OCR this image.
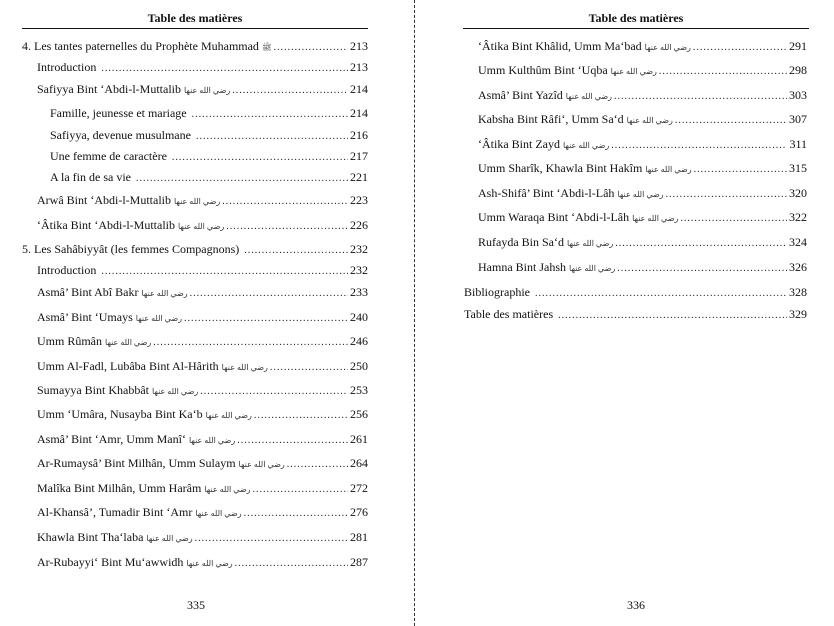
Table des matières
4. Les tantes paternelles du Prophète Muhammad ﷺ .....	213
Introduction .....	213
Safiyya Bint ‘Abdi-l-Muttalib رضي الله عنها .....	214
Famille, jeunesse et mariage .....	214
Safiyya, devenue musulmane .....	216
Une femme de caractère .....	217
A la fin de sa vie .....	221
Arwâ Bint ‘Abdi-l-Muttalib رضي الله عنها .....	223
‘Âtika Bint ‘Abdi-l-Muttalib رضي الله عنها .....	226
5. Les Sahâbiyyât (les femmes Compagnons) .....	232
Introduction .....	232
Asmâ’ Bint Abî Bakr رضي الله عنها .....	233
Asmâ’ Bint ‘Umays رضي الله عنها .....	240
Umm Rûmân رضي الله عنها .....	246
Umm Al-Fadl, Lubâba Bint Al-Hârith رضي الله عنها .....	250
Sumayya Bint Khabbât رضي الله عنها .....	253
Umm ‘Umâra, Nusayba Bint Ka‘b رضي الله عنها .....	256
Asmâ’ Bint ‘Amr, Umm Manî‘ رضي الله عنها .....	261
Ar-Rumaysâ’ Bint Milhân, Umm Sulaym رضي الله عنها .....	264
Malîka Bint Milhân, Umm Harâm رضي الله عنها .....	272
Al-Khansâ’, Tumadir Bint ‘Amr رضي الله عنها .....	276
Khawla Bint Tha‘laba رضي الله عنها .....	281
Ar-Rubayyi‘ Bint Mu‘awwidh رضي الله عنها .....	287
335
Table des matières
‘Âtika Bint Khâlid, Umm Ma‘bad رضي الله عنها .....	291
Umm Kulthûm Bint ‘Uqba رضي الله عنها .....	298
Asmâ’ Bint Yazîd رضي الله عنها .....	303
Kabsha Bint Râfi‘, Umm Sa‘d رضي الله عنها .....	307
‘Âtika Bint Zayd رضي الله عنها .....	311
Umm Sharîk, Khawla Bint Hakîm رضي الله عنها .....	315
Ash-Shifâ’ Bint ‘Abdi-l-Lâh رضي الله عنها .....	320
Umm Waraqa Bint ‘Abdi-l-Lâh رضي الله عنها .....	322
Rufayda Bin Sa‘d رضي الله عنها .....	324
Hamna Bint Jahsh رضي الله عنها .....	326
Bibliographie .....	328
Table des matières .....	329
336
